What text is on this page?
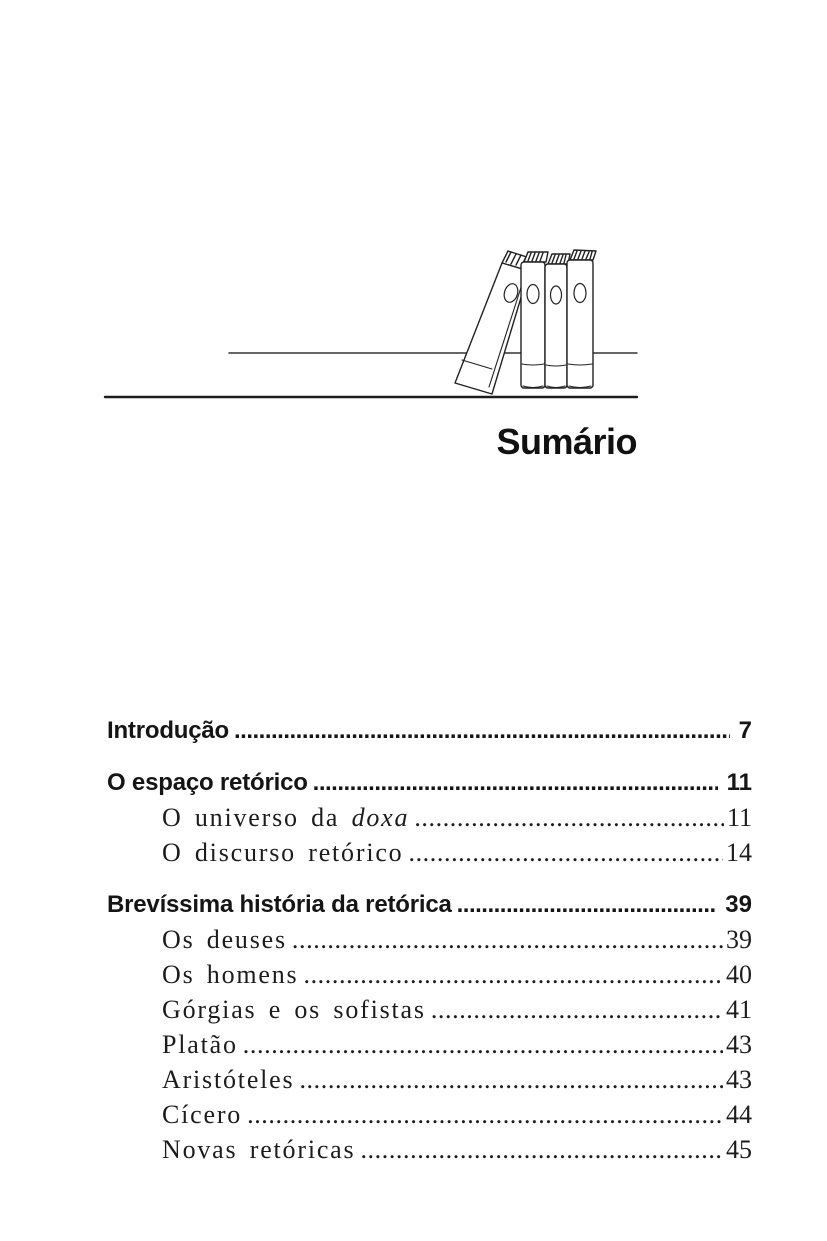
Sumário
Introdução .....	7
O espaço retórico .....	11
O universo da doxa .....	11
O discurso retórico .....	14
Brevíssima história da retórica .....	39
Os deuses .....	39
Os homens .....	40
Górgias e os sofistas .....	41
Platão .....	43
Aristóteles .....	43
Cícero .....	44
Novas retóricas .....	45
